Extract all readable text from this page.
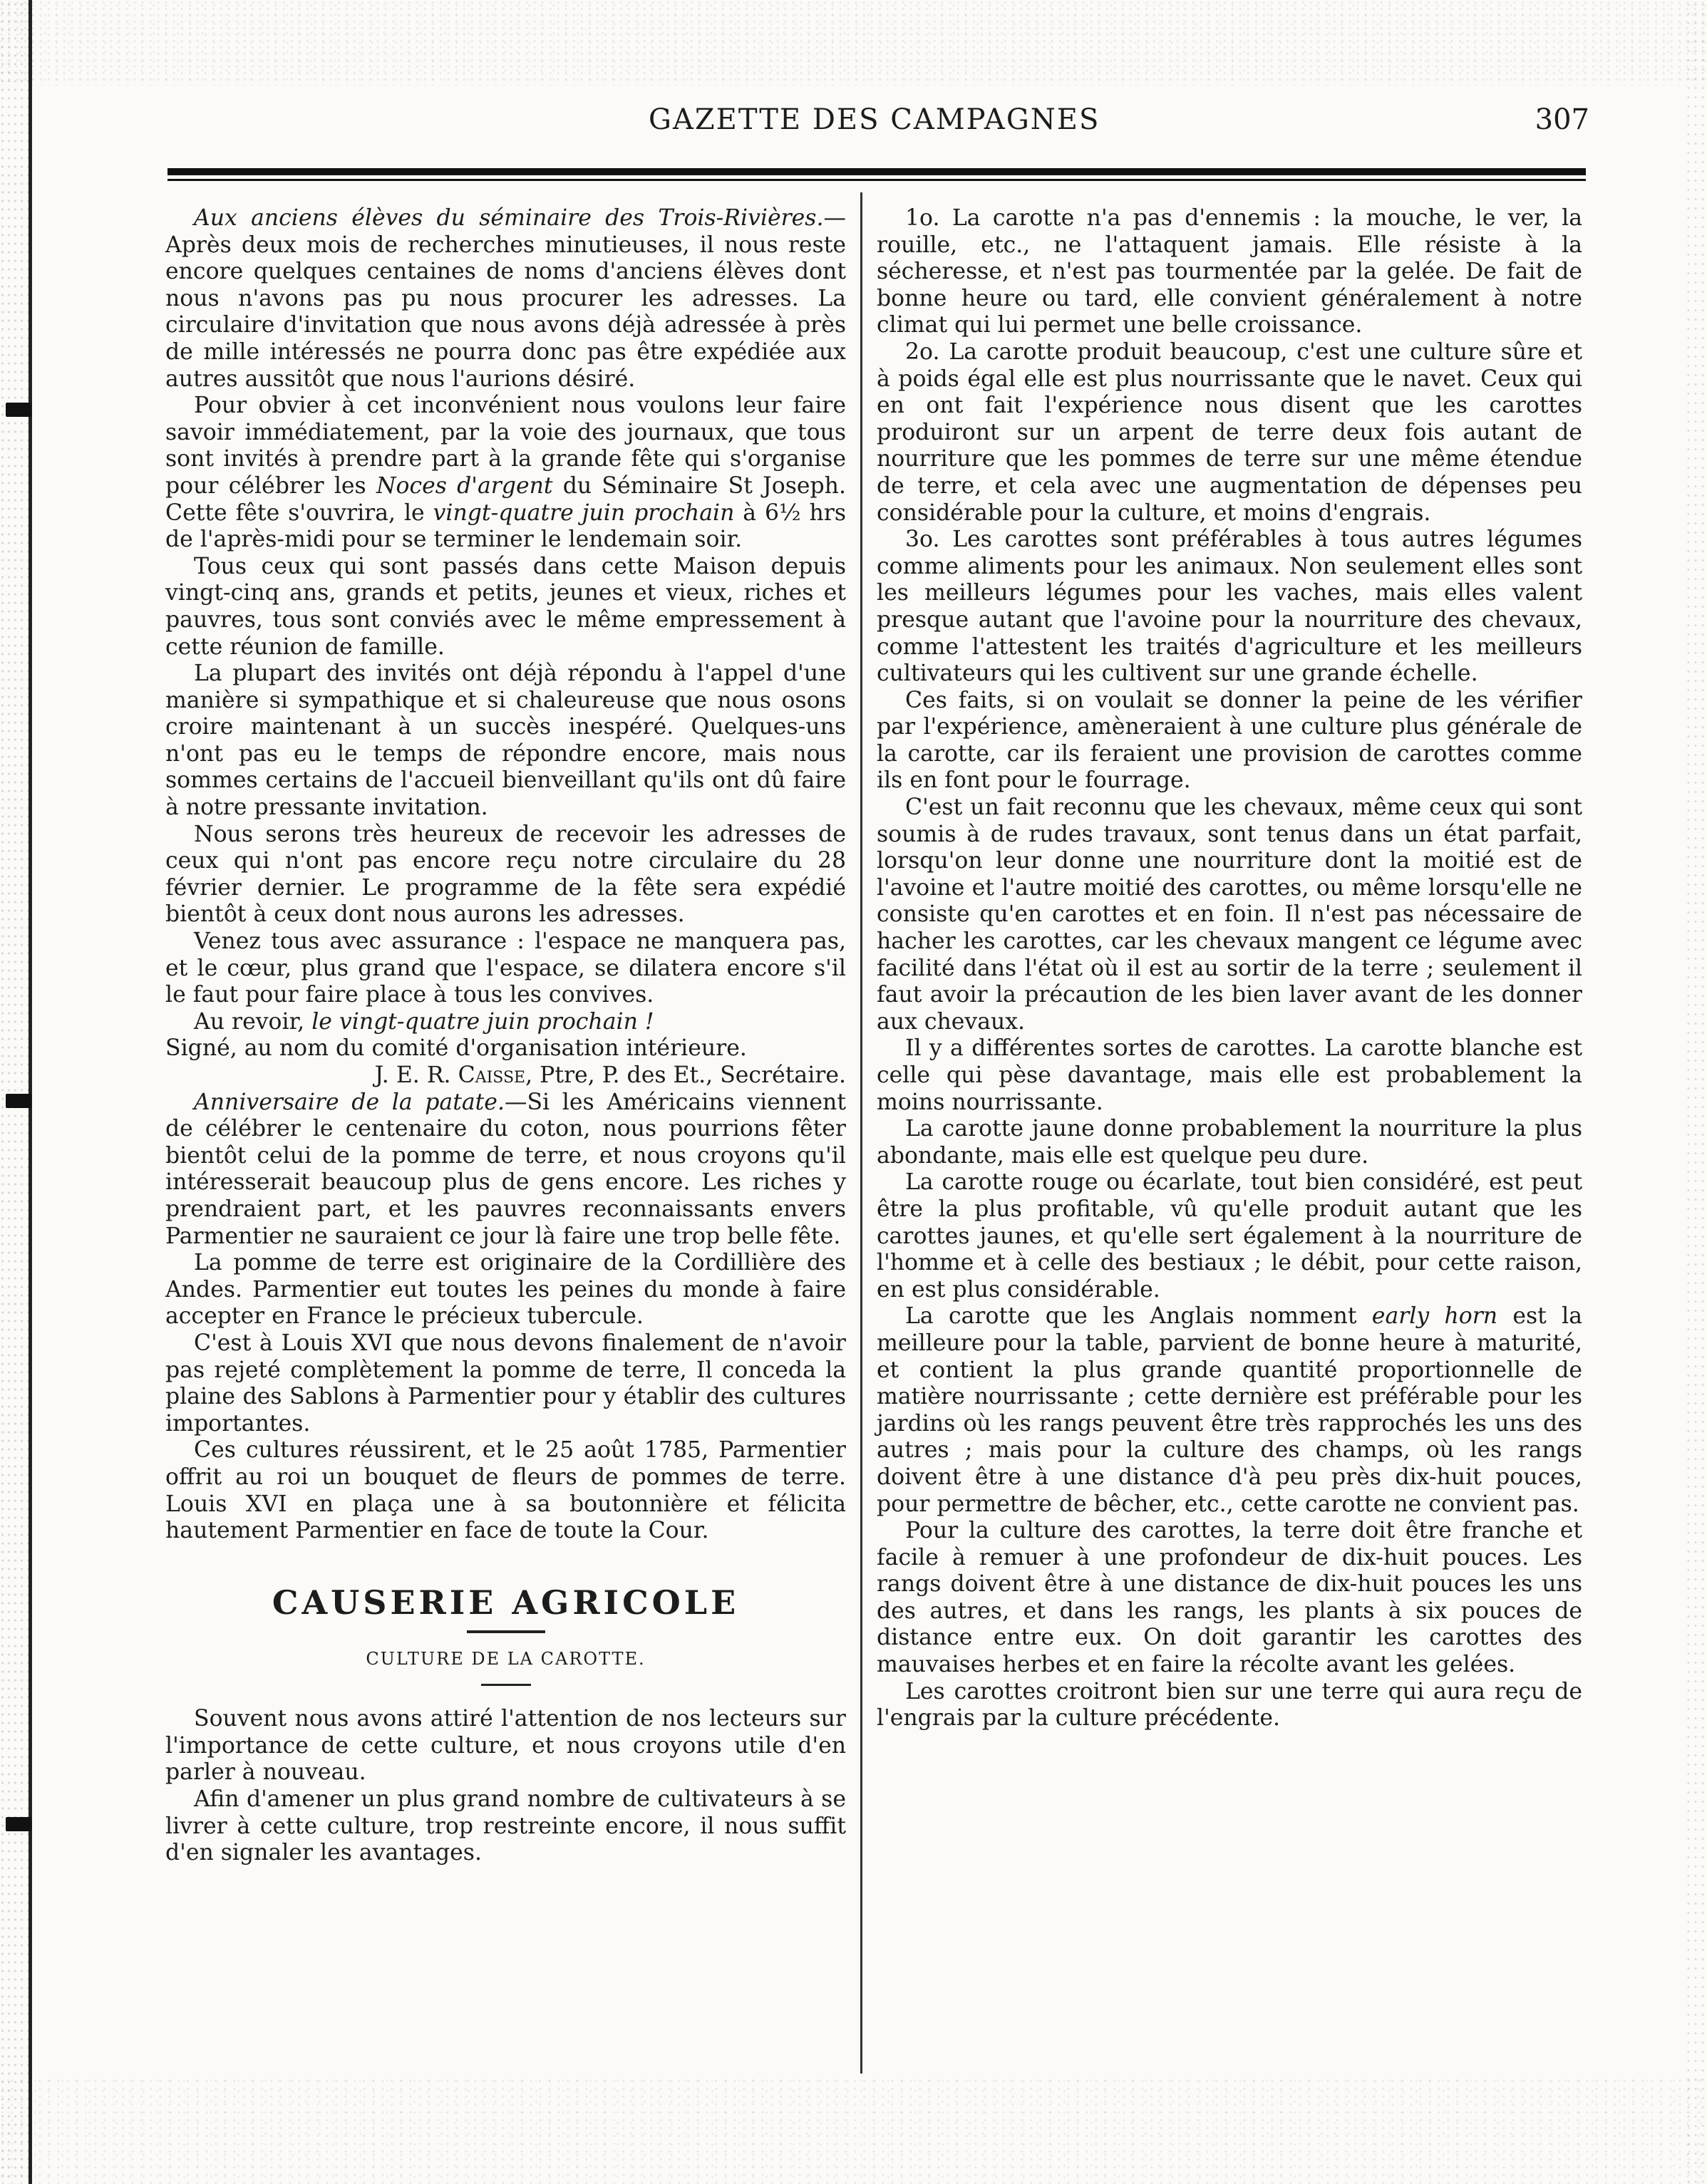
GAZETTE DES CAMPAGNES	307

Aux anciens élèves du séminaire des Trois-Rivières.— Après deux mois de recherches minutieuses, il nous reste encore quelques centaines de noms d'anciens élèves dont nous n'avons pas pu nous procurer les adresses. La circulaire d'invitation que nous avons déjà adressée à près de mille intéressés ne pourra donc pas être expédiée aux autres aussitôt que nous l'aurions désiré.

Pour obvier à cet inconvénient nous voulons leur faire savoir immédiatement, par la voie des journaux, que tous sont invités à prendre part à la grande fête qui s'organise pour célébrer les Noces d'argent du Séminaire St Joseph. Cette fête s'ouvrira, le vingt-quatre juin prochain à 6½ hrs de l'après-midi pour se terminer le lendemain soir.

Tous ceux qui sont passés dans cette Maison depuis vingt-cinq ans, grands et petits, jeunes et vieux, riches et pauvres, tous sont conviés avec le même empressement à cette réunion de famille.

La plupart des invités ont déjà répondu à l'appel d'une manière si sympathique et si chaleureuse que nous osons croire maintenant à un succès inespéré. Quelques-uns n'ont pas eu le temps de répondre encore, mais nous sommes certains de l'accueil bienveillant qu'ils ont dû faire à notre pressante invitation.

Nous serons très heureux de recevoir les adresses de ceux qui n'ont pas encore reçu notre circulaire du 28 février dernier. Le programme de la fête sera expédié bientôt à ceux dont nous aurons les adresses.

Venez tous avec assurance : l'espace ne manquera pas, et le cœur, plus grand que l'espace, se dilatera encore s'il le faut pour faire place à tous les convives.

Au revoir, le vingt-quatre juin prochain !

Signé, au nom du comité d'organisation intérieure.

J. E. R. Caisse, Ptre, P. des Et., Secrétaire.

Anniversaire de la patate.—Si les Américains viennent de célébrer le centenaire du coton, nous pourrions fêter bientôt celui de la pomme de terre, et nous croyons qu'il intéresserait beaucoup plus de gens encore. Les riches y prendraient part, et les pauvres reconnaissants envers Parmentier ne sauraient ce jour là faire une trop belle fête.

La pomme de terre est originaire de la Cordillière des Andes. Parmentier eut toutes les peines du monde à faire accepter en France le précieux tubercule.

C'est à Louis XVI que nous devons finalement de n'avoir pas rejeté complètement la pomme de terre, Il conceda la plaine des Sablons à Parmentier pour y établir des cultures importantes.

Ces cultures réussirent, et le 25 août 1785, Parmentier offrit au roi un bouquet de fleurs de pommes de terre. Louis XVI en plaça une à sa boutonnière et félicita hautement Parmentier en face de toute la Cour.

CAUSERIE AGRICOLE
CULTURE DE LA CAROTTE.

Souvent nous avons attiré l'attention de nos lecteurs sur l'importance de cette culture, et nous croyons utile d'en parler à nouveau.

Afin d'amener un plus grand nombre de cultivateurs à se livrer à cette culture, trop restreinte encore, il nous suffit d'en signaler les avantages.

1o. La carotte n'a pas d'ennemis : la mouche, le ver, la rouille, etc., ne l'attaquent jamais. Elle résiste à la sécheresse, et n'est pas tourmentée par la gelée. De fait de bonne heure ou tard, elle convient généralement à notre climat qui lui permet une belle croissance.

2o. La carotte produit beaucoup, c'est une culture sûre et à poids égal elle est plus nourrissante que le navet. Ceux qui en ont fait l'expérience nous disent que les carottes produiront sur un arpent de terre deux fois autant de nourriture que les pommes de terre sur une même étendue de terre, et cela avec une augmentation de dépenses peu considérable pour la culture, et moins d'engrais.

3o. Les carottes sont préférables à tous autres légumes comme aliments pour les animaux. Non seulement elles sont les meilleurs légumes pour les vaches, mais elles valent presque autant que l'avoine pour la nourriture des chevaux, comme l'attestent les traités d'agriculture et les meilleurs cultivateurs qui les cultivent sur une grande échelle.

Ces faits, si on voulait se donner la peine de les vérifier par l'expérience, amèneraient à une culture plus générale de la carotte, car ils feraient une provision de carottes comme ils en font pour le fourrage.

C'est un fait reconnu que les chevaux, même ceux qui sont soumis à de rudes travaux, sont tenus dans un état parfait, lorsqu'on leur donne une nourriture dont la moitié est de l'avoine et l'autre moitié des carottes, ou même lorsqu'elle ne consiste qu'en carottes et en foin. Il n'est pas nécessaire de hacher les carottes, car les chevaux mangent ce légume avec facilité dans l'état où il est au sortir de la terre ; seulement il faut avoir la précaution de les bien laver avant de les donner aux chevaux.

Il y a différentes sortes de carottes. La carotte blanche est celle qui pèse davantage, mais elle est probablement la moins nourrissante.

La carotte jaune donne probablement la nourriture la plus abondante, mais elle est quelque peu dure.

La carotte rouge ou écarlate, tout bien considéré, est peut être la plus profitable, vû qu'elle produit autant que les carottes jaunes, et qu'elle sert également à la nourriture de l'homme et à celle des bestiaux ; le débit, pour cette raison, en est plus considérable.

La carotte que les Anglais nomment early horn est la meilleure pour la table, parvient de bonne heure à maturité, et contient la plus grande quantité proportionnelle de matière nourrissante ; cette dernière est préférable pour les jardins où les rangs peuvent être très rapprochés les uns des autres ; mais pour la culture des champs, où les rangs doivent être à une distance d'à peu près dix-huit pouces, pour permettre de bêcher, etc., cette carotte ne convient pas.

Pour la culture des carottes, la terre doit être franche et facile à remuer à une profondeur de dix-huit pouces. Les rangs doivent être à une distance de dix-huit pouces les uns des autres, et dans les rangs, les plants à six pouces de distance entre eux. On doit garantir les carottes des mauvaises herbes et en faire la récolte avant les gelées.

Les carottes croitront bien sur une terre qui aura reçu de l'engrais par la culture précédente.
